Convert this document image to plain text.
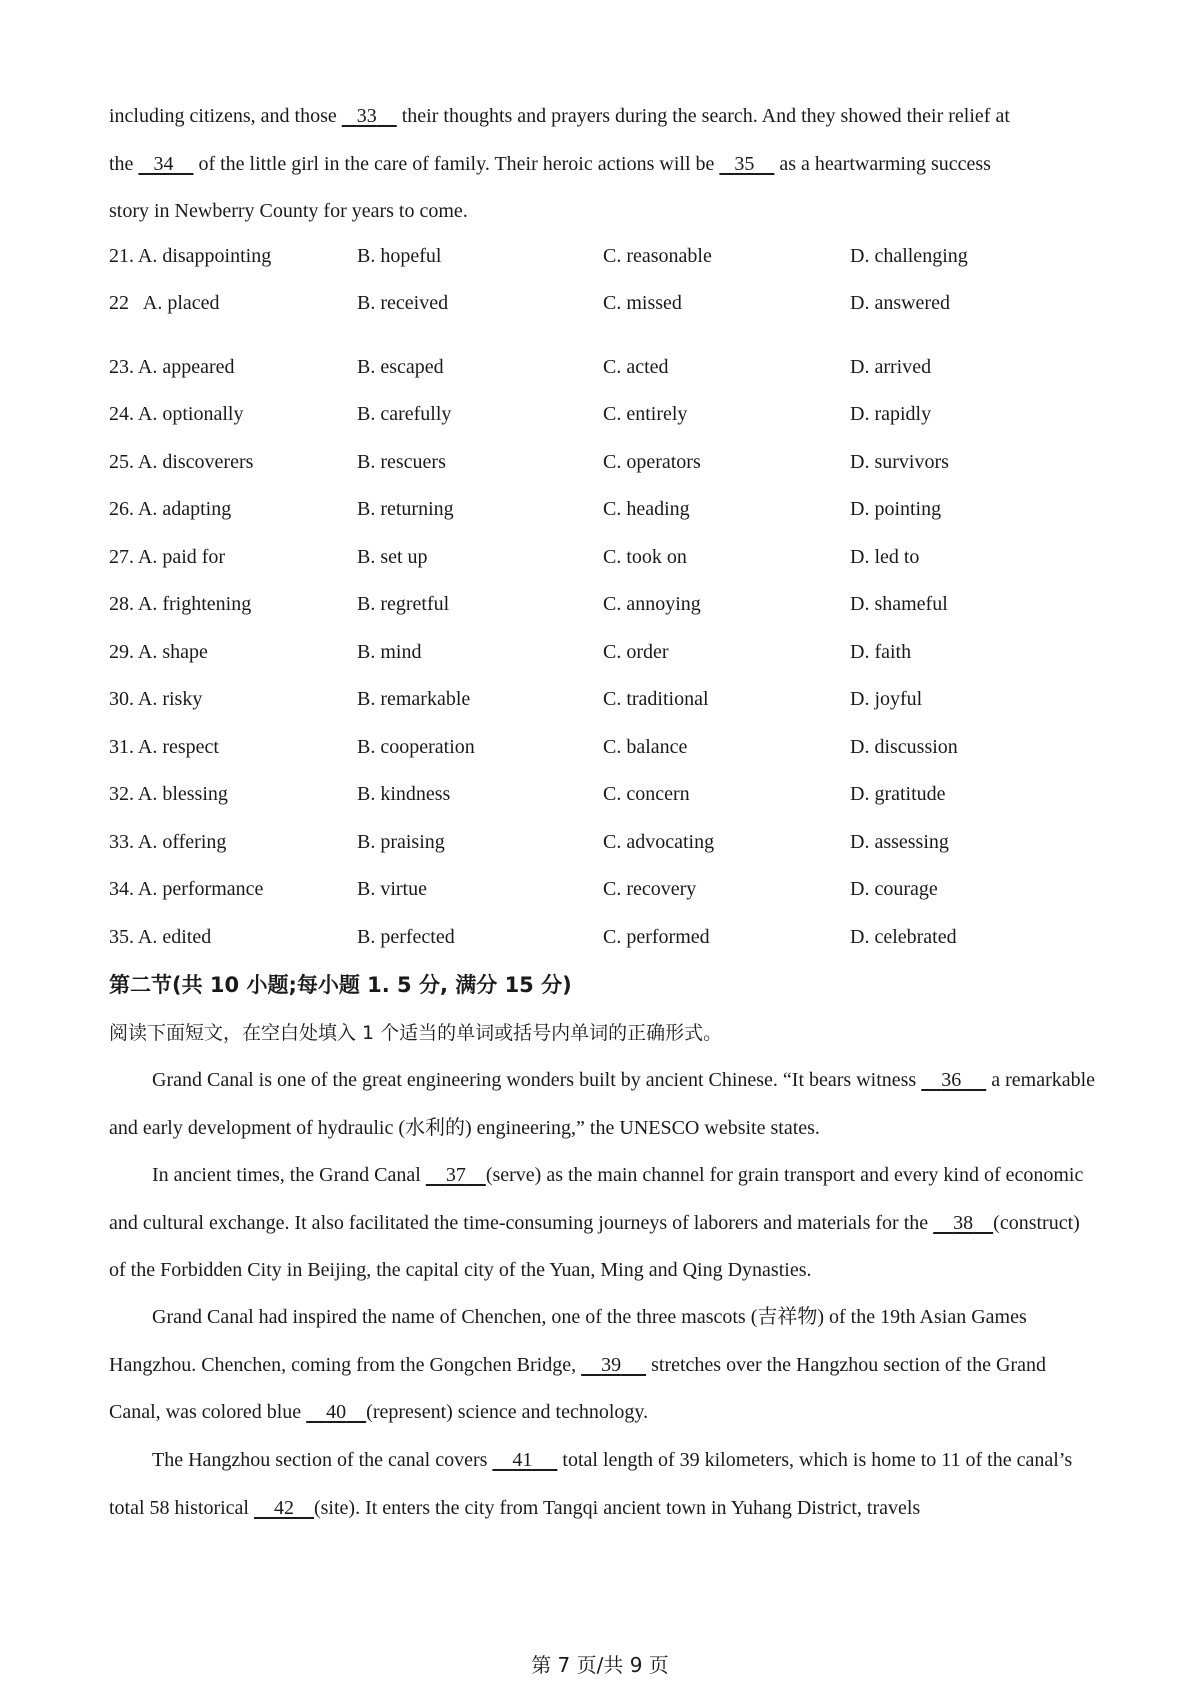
including citizens, and those    33     their thoughts and prayers during the search. And they showed their relief at
the    34     of the little girl in the care of family. Their heroic actions will be    35     as a heartwarming success
story in Newberry County for years to come.
21. A. disappointing	B. hopeful	C. reasonable	D. challenging
22   A. placed	B. received	C. missed	D. answered
23. A. appeared	B. escaped	C. acted	D. arrived
24. A. optionally	B. carefully	C. entirely	D. rapidly
25. A. discoverers	B. rescuers	C. operators	D. survivors
26. A. adapting	B. returning	C. heading	D. pointing
27. A. paid for	B. set up	C. took on	D. led to
28. A. frightening	B. regretful	C. annoying	D. shameful
29. A. shape	B. mind	C. order	D. faith
30. A. risky	B. remarkable	C. traditional	D. joyful
31. A. respect	B. cooperation	C. balance	D. discussion
32. A. blessing	B. kindness	C. concern	D. gratitude
33. A. offering	B. praising	C. advocating	D. assessing
34. A. performance	B. virtue	C. recovery	D. courage
35. A. edited	B. perfected	C. performed	D. celebrated
第二节(共 10 小题;每小题 1. 5 分, 满分 15 分)
阅读下面短文，在空白处填入 1 个适当的单词或括号内单词的正确形式。
Grand Canal is one of the great engineering wonders built by ancient Chinese. “It bears witness     36      a remarkable and early development of hydraulic (水利的) engineering,” the UNESCO website states.
In ancient times, the Grand Canal     37 (serve) as the main channel for grain transport and every kind of economic and cultural exchange. It also facilitated the time-consuming journeys of laborers and materials for the     38 (construct) of the Forbidden City in Beijing, the capital city of the Yuan, Ming and Qing Dynasties.
Grand Canal had inspired the name of Chenchen, one of the three mascots (吉祥物) of the 19th Asian Games Hangzhou. Chenchen, coming from the Gongchen Bridge,     39      stretches over the Hangzhou section of the Grand Canal, was colored blue     40 (represent) science and technology.
The Hangzhou section of the canal covers     41      total length of 39 kilometers, which is home to 11 of the canal’s total 58 historical     42 (site). It enters the city from Tangqi ancient town in Yuhang District, travels
第 7 页/共 9 页
